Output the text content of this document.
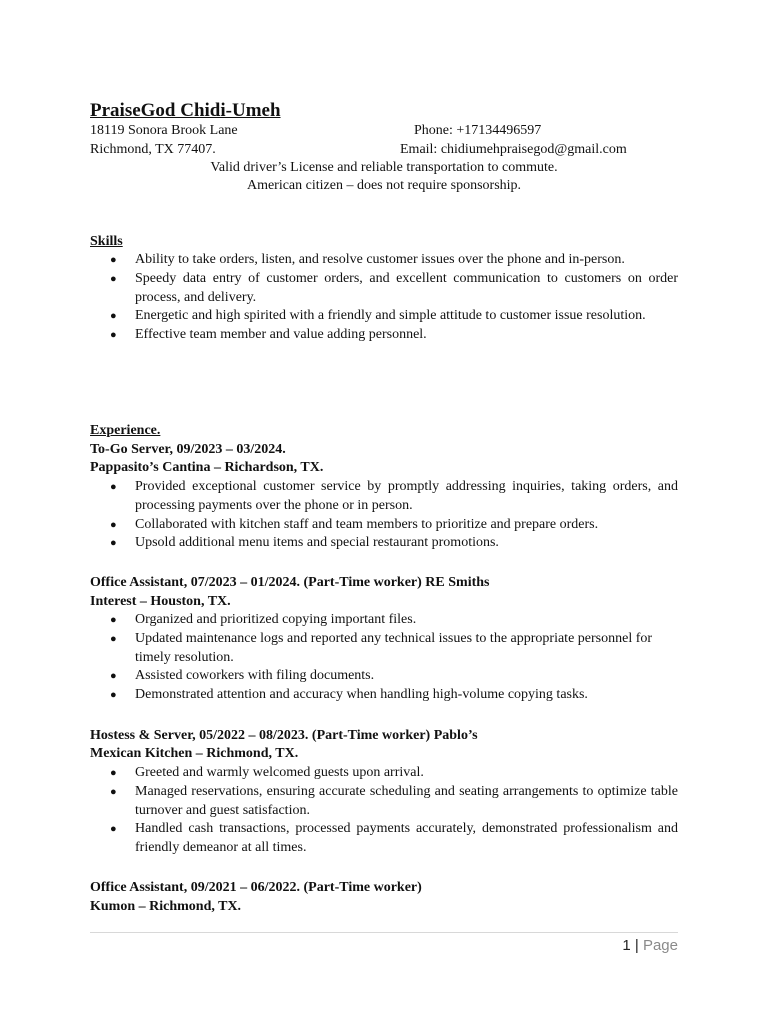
PraiseGod Chidi-Umeh
18119 Sonora Brook Lane	Phone: +17134496597
Richmond, TX 77407.	Email: chidiumehpraisegod@gmail.com
Valid driver’s License and reliable transportation to commute.
American citizen – does not require sponsorship.
Skills
● Ability to take orders, listen, and resolve customer issues over the phone and in-person.
● Speedy data entry of customer orders, and excellent communication to customers on order process, and delivery.
● Energetic and high spirited with a friendly and simple attitude to customer issue resolution.
● Effective team member and value adding personnel.
Experience.
To-Go Server, 09/2023 – 03/2024.
Pappasito’s Cantina – Richardson, TX.
● Provided exceptional customer service by promptly addressing inquiries, taking orders, and processing payments over the phone or in person.
● Collaborated with kitchen staff and team members to prioritize and prepare orders.
● Upsold additional menu items and special restaurant promotions.
Office Assistant, 07/2023 – 01/2024. (Part-Time worker) RE Smiths
Interest – Houston, TX.
● Organized and prioritized copying important files.
● Updated maintenance logs and reported any technical issues to the appropriate personnel for timely resolution.
● Assisted coworkers with filing documents.
● Demonstrated attention and accuracy when handling high-volume copying tasks.
Hostess & Server, 05/2022 – 08/2023. (Part-Time worker) Pablo’s
Mexican Kitchen – Richmond, TX.
● Greeted and warmly welcomed guests upon arrival.
● Managed reservations, ensuring accurate scheduling and seating arrangements to optimize table turnover and guest satisfaction.
● Handled cash transactions, processed payments accurately, demonstrated professionalism and friendly demeanor at all times.
Office Assistant, 09/2021 – 06/2022. (Part-Time worker)
Kumon – Richmond, TX.
1 | Page
